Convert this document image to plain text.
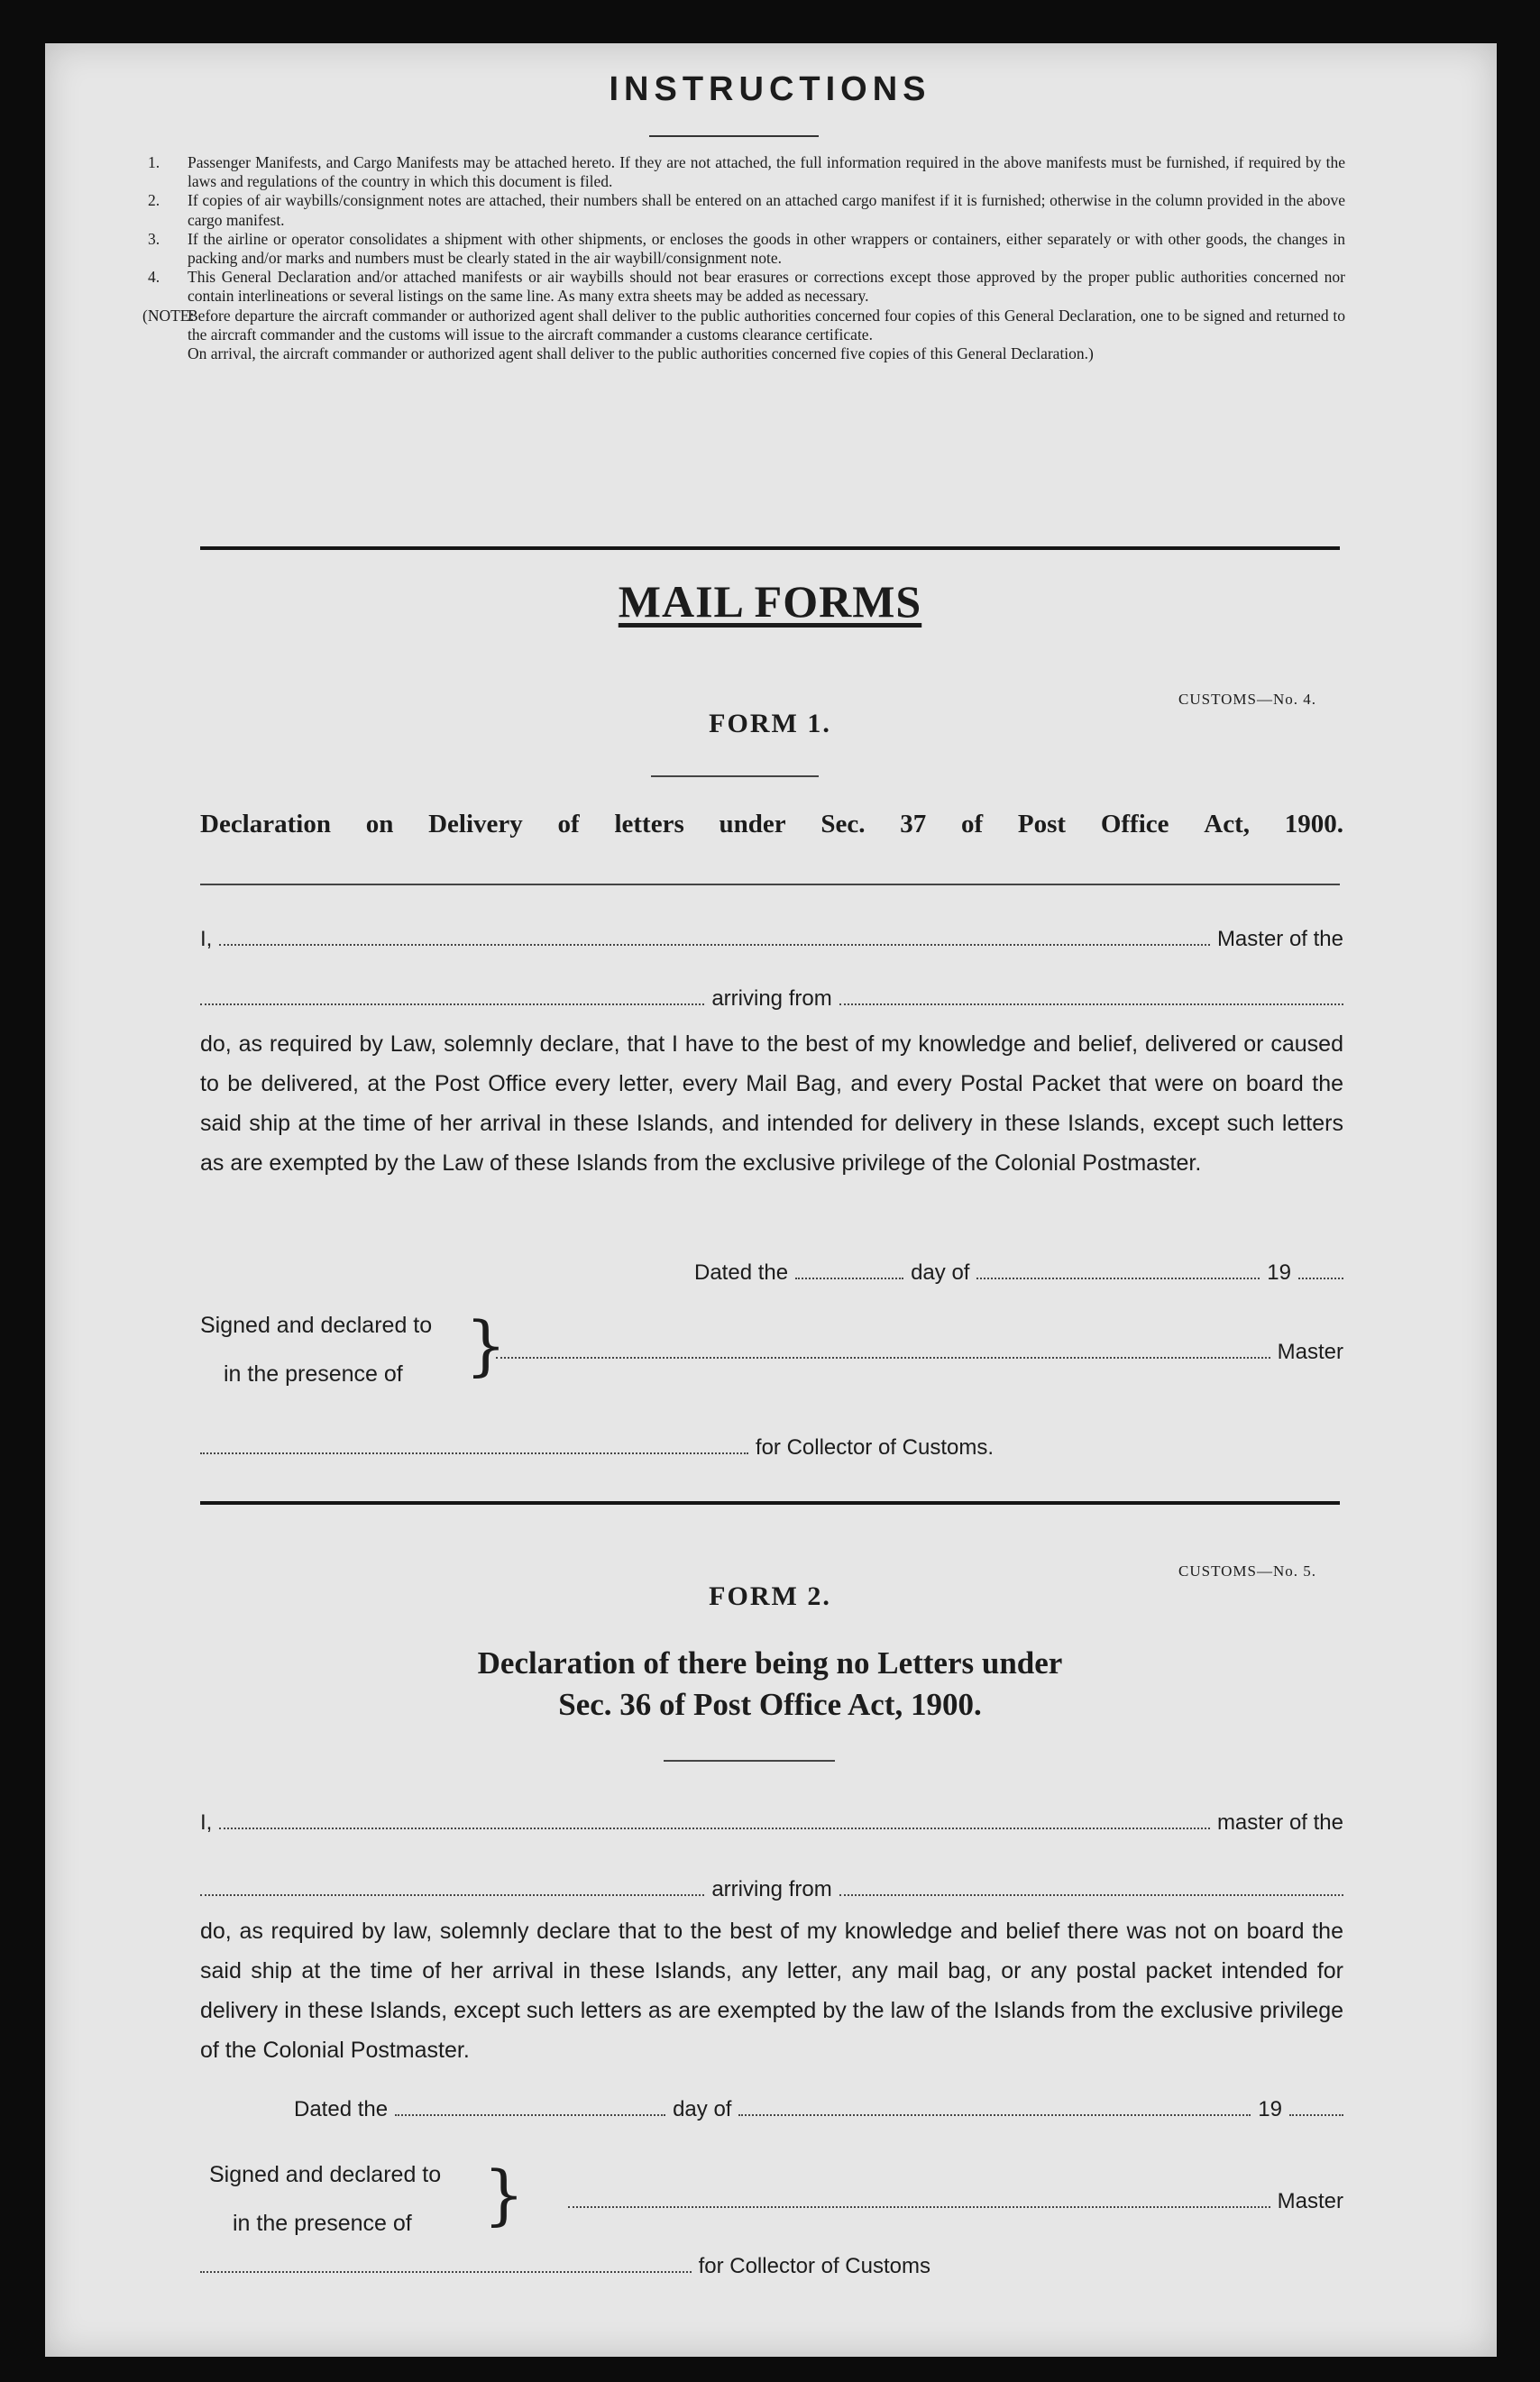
INSTRUCTIONS
1. Passenger Manifests, and Cargo Manifests may be attached hereto. If they are not attached, the full information required in the above manifests must be furnished, if required by the laws and regulations of the country in which this document is filed.
2. If copies of air waybills/consignment notes are attached, their numbers shall be entered on an attached cargo manifest if it is furnished; otherwise in the column provided in the above cargo manifest.
3. If the airline or operator consolidates a shipment with other shipments, or encloses the goods in other wrappers or containers, either separately or with other goods, the changes in packing and/or marks and numbers must be clearly stated in the air waybill/consignment note.
4. This General Declaration and/or attached manifests or air waybills should not bear erasures or corrections except those approved by the proper public authorities concerned nor contain interlineations or several listings on the same line. As many extra sheets may be added as necessary.
(NOTE:
Before departure the aircraft commander or authorized agent shall deliver to the public authorities concerned four copies of this General Declaration, one to be signed and returned to the aircraft commander and the customs will issue to the aircraft commander a customs clearance certificate.
On arrival, the aircraft commander or authorized agent shall deliver to the public authorities concerned five copies of this General Declaration.)
MAIL FORMS
CUSTOMS—No. 4.
FORM 1.
Declaration on Delivery of letters under Sec. 37 of Post Office Act, 1900.
I,	Master of the
arriving from
do, as required by Law, solemnly declare, that I have to the best of my knowledge and belief, delivered or caused to be delivered, at the Post Office every letter, every Mail Bag, and every Postal Packet that were on board the said ship at the time of her arrival in these Islands, and intended for delivery in these Islands, except such letters as are exempted by the Law of these Islands from the exclusive privilege of the Colonial Postmaster.
Dated the	day of	19
Signed and declared to
in the presence of }	Master
for Collector of Customs.
CUSTOMS—No. 5.
FORM 2.
Declaration of there being no Letters under
Sec. 36 of Post Office Act, 1900.
I,	master of the
arriving from
do, as required by law, solemnly declare that to the best of my knowledge and belief there was not on board the said ship at the time of her arrival in these Islands, any letter, any mail bag, or any postal packet intended for delivery in these Islands, except such letters as are exempted by the law of the Islands from the exclusive privilege of the Colonial Postmaster.
Dated the	day of	19
Signed and declared to
in the presence of }	Master
for Collector of Customs
